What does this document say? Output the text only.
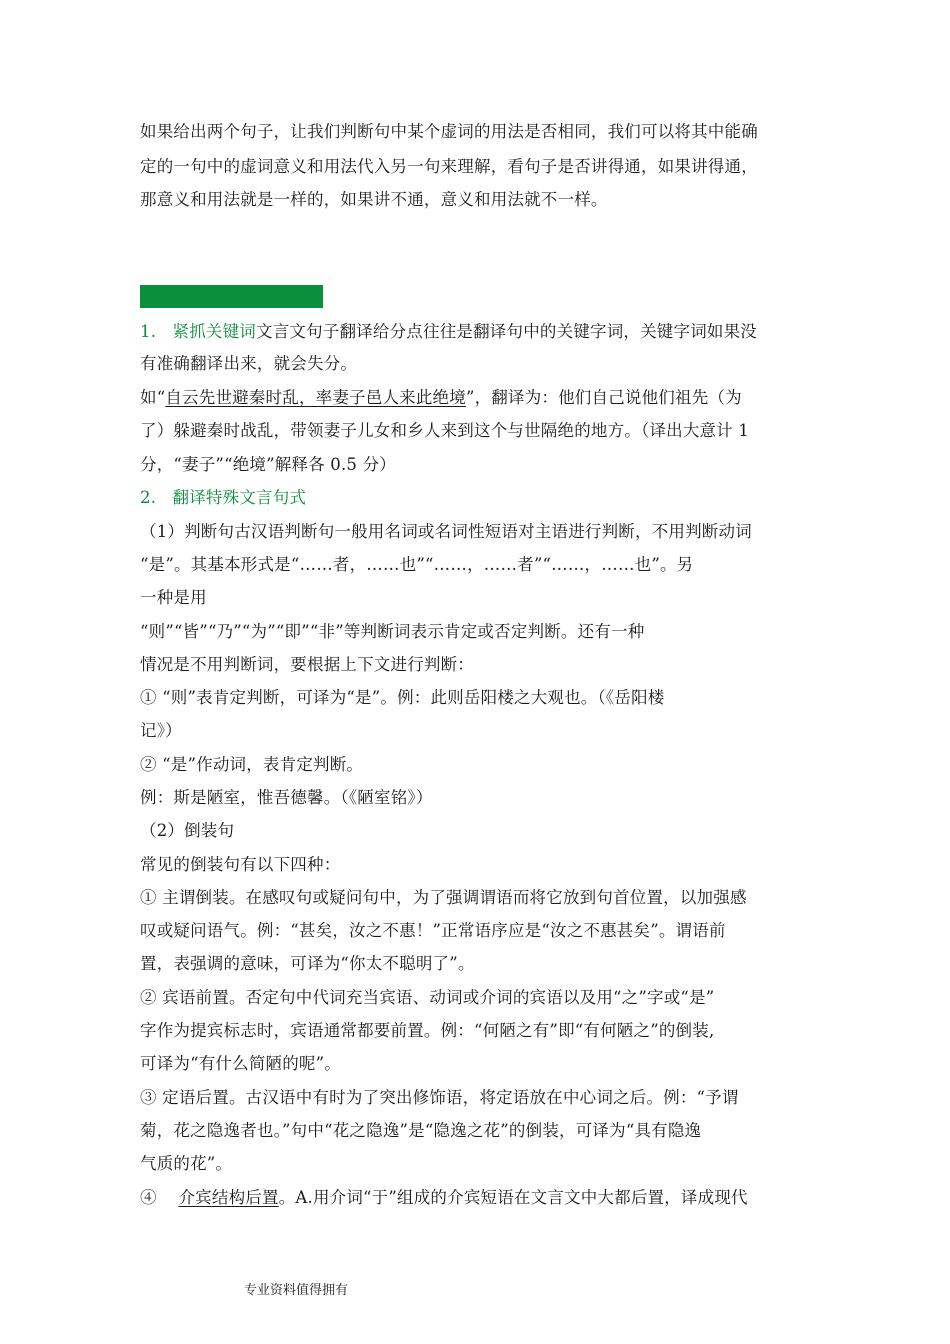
如果给出两个句子，让我们判断句中某个虚词的用法是否相同，我们可以将其中能确
定的一句中的虚词意义和用法代入另一句来理解，看句子是否讲得通，如果讲得通，
那意义和用法就是一样的，如果讲不通，意义和用法就不一样。
1. 紧抓关键词文言文句子翻译给分点往往是翻译句中的关键字词，关键字词如果没
有准确翻译出来，就会失分。
如“自云先世避秦时乱，率妻子邑人来此绝境”，翻译为：他们自己说他们祖先（为
了）躲避秦时战乱，带领妻子儿女和乡人来到这个与世隔绝的地方。（译出大意计 1
分，“妻子”“绝境”解释各 0.5 分）
2. 翻译特殊文言句式
（1）判断句古汉语判断句一般用名词或名词性短语对主语进行判断，不用判断动词
“是”。其基本形式是“……者，……也”“……，……者”“……，……也”。另
一种是用
“则”“皆”“乃”“为”“即”“非”等判断词表示肯定或否定判断。还有一种
情况是不用判断词，要根据上下文进行判断：
① “则”表肯定判断，可译为“是”。例：此则岳阳楼之大观也。（《岳阳楼
记》）
② “是”作动词，表肯定判断。
例：斯是陋室，惟吾德馨。（《陋室铭》）
（2）倒装句
常见的倒装句有以下四种：
① 主谓倒装。在感叹句或疑问句中，为了强调谓语而将它放到句首位置，以加强感
叹或疑问语气。例：“甚矣，汝之不惠！”正常语序应是“汝之不惠甚矣”。谓语前
置，表强调的意味，可译为“你太不聪明了”。
② 宾语前置。否定句中代词充当宾语、动词或介词的宾语以及用“之”字或“是”
字作为提宾标志时，宾语通常都要前置。例：“何陋之有”即“有何陋之”的倒装,
可译为“有什么简陋的呢”。
③ 定语后置。古汉语中有时为了突出修饰语，将定语放在中心词之后。例：“予谓
菊，花之隐逸者也。”句中“花之隐逸”是“隐逸之花”的倒装，可译为“具有隐逸
气质的花”。
④    介宾结构后置。A.用介词“于”组成的介宾短语在文言文中大都后置，译成现代
专业资料值得拥有
